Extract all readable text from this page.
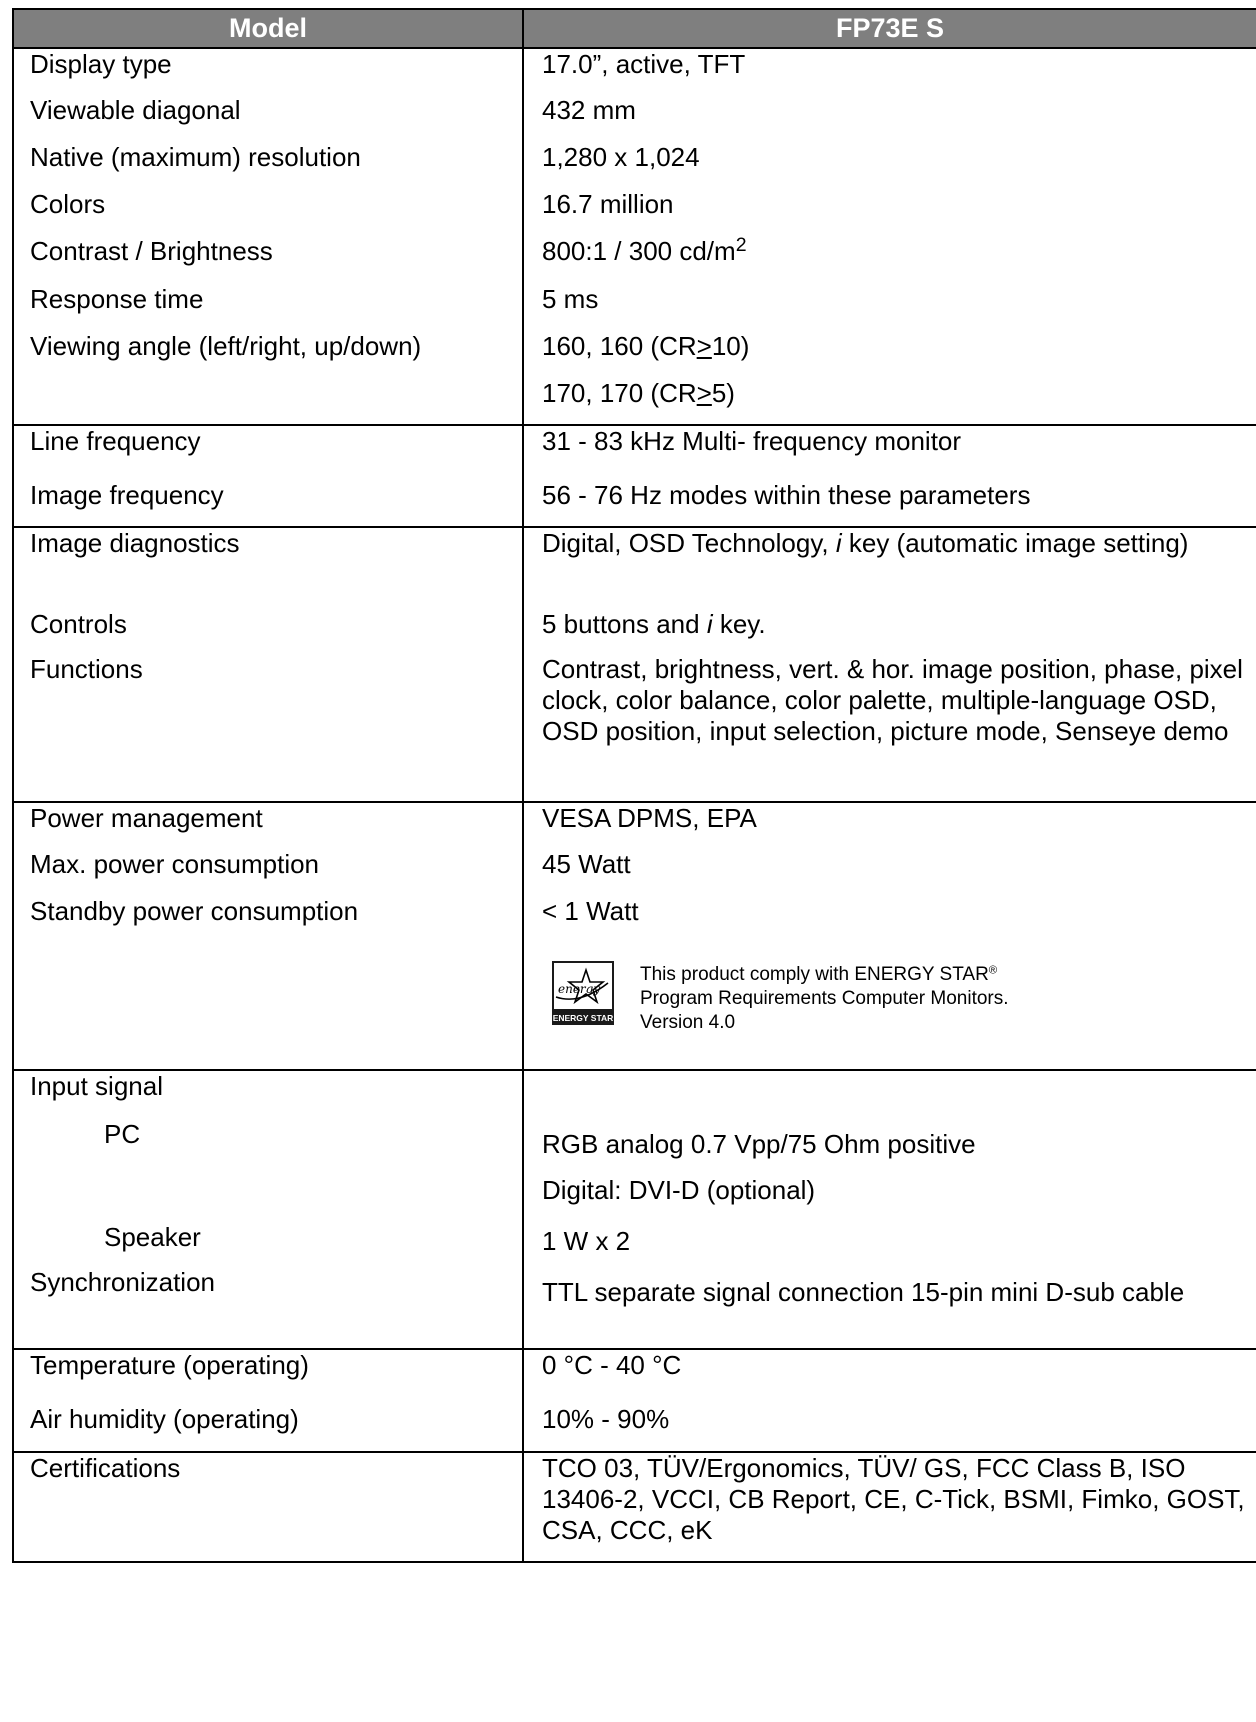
Model	FP73E S
Display type	17.0”, active, TFT
Viewable diagonal	432 mm
Native (maximum) resolution	1,280 x 1,024
Colors	16.7 million
Contrast / Brightness	800:1 / 300 $cd/m^2$
Response time	5 ms
Viewing angle (left/right, up/down)	160, 160 (CR≥10)
	170, 170 (CR≥5)
Line frequency	31 - 83 kHz Multi- frequency monitor
Image frequency	56 - 76 Hz modes within these parameters
Image diagnostics	Digital, OSD Technology, i key (automatic image setting)
Controls	5 buttons and i key.
Functions	Contrast, brightness, vert. & hor. image position, phase, pixel clock, color balance, color palette, multiple-language OSD, OSD position, input selection, picture mode, Senseye demo
Power management	VESA DPMS, EPA
Max. power consumption	45 Watt
Standby power consumption	< 1 Watt

energy
ENERGY STAR
This product comply with ENERGY STAR®
Program Requirements Computer Monitors.
Version 4.0

Input signal	
PC	RGB analog 0.7 Vpp/75 Ohm positive
	Digital: DVI-D (optional)
Speaker	1 W x 2
Synchronization	TTL separate signal connection 15-pin mini D-sub cable
Temperature (operating)	0 °C - 40 °C
Air humidity (operating)	10% - 90%
Certifications	TCO 03, TÜV/Ergonomics, TÜV/ GS, FCC Class B, ISO 13406-2, VCCI, CB Report, CE, C-Tick, BSMI, Fimko, GOST, CSA, CCC, eK
